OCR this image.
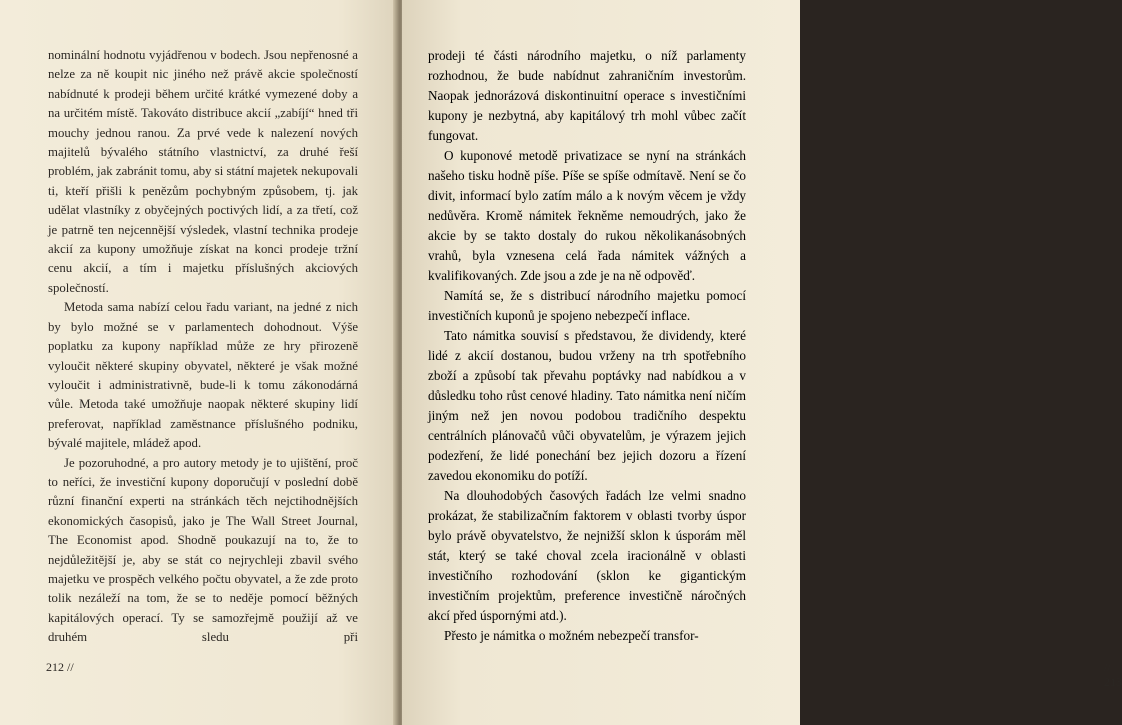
nominální hodnotu vyjádřenou v bodech. Jsou nepřenosné a nelze za ně koupit nic jiného než právě akcie společností nabídnuté k prodeji během určité krátké vymezené doby a na určitém místě. Takováto distribuce akcií „zabíjí“ hned tři mouchy jednou ranou. Za prvé vede k nalezení nových majitelů bývalého státního vlastnictví, za druhé řeší problém, jak zabránit tomu, aby si státní majetek nekupovali ti, kteří přišli k penězům pochybným způsobem, tj. jak udělat vlastníky z obyčejných poctivých lidí, a za třetí, což je patrně ten nejcennější výsledek, vlastní technika prodeje akcií za kupony umožňuje získat na konci prodeje tržní cenu akcií, a tím i majetku příslušných akciových společností.

Metoda sama nabízí celou řadu variant, na jedné z nich by bylo možné se v parlamentech dohodnout. Výše poplatku za kupony například může ze hry přirozeně vyloučit některé skupiny obyvatel, některé je však možné vyloučit i administrativně, bude-li k tomu zákonodárná vůle. Metoda také umožňuje naopak některé skupiny lidí preferovat, například zaměstnance příslušného podniku, bývalé majitele, mládež apod.

Je pozoruhodné, a pro autory metody je to ujištění, proč to neříci, že investiční kupony doporučují v poslední době různí finanční experti na stránkách těch nejctihodnějších ekonomických časopisů, jako je The Wall Street Journal, The Economist apod. Shodně poukazují na to, že to nejdůležitější je, aby se stát co nejrychleji zbavil svého majetku ve prospěch velkého počtu obyvatel, a že zde proto tolik nezáleží na tom, že se to neděje pomocí běžných kapitálových operací. Ty se samozřejmě použijí až ve druhém sledu při

212 //	// 213

prodeji té části národního majetku, o níž parlamenty rozhodnou, že bude nabídnut zahraničním investorům. Naopak jednorázová diskontinuitní operace s investičními kupony je nezbytná, aby kapitálový trh mohl vůbec začít fungovat.

O kuponové metodě privatizace se nyní na stránkách našeho tisku hodně píše. Píše se spíše odmítavě. Není se čo divit, informací bylo zatím málo a k novým věcem je vždy nedůvěra. Kromě námitek řekněme nemoudrých, jako že akcie by se takto dostaly do rukou několikanásobných vrahů, byla vznesena celá řada námitek vážných a kvalifikovaných. Zde jsou a zde je na ně odpověď.

Namítá se, že s distribucí národního majetku pomocí investičních kuponů je spojeno nebezpečí inflace.

Tato námitka souvisí s představou, že dividendy, které lidé z akcií dostanou, budou vrženy na trh spotřebního zboží a způsobí tak převahu poptávky nad nabídkou a v důsledku toho růst cenové hladiny. Tato námitka není ničím jiným než jen novou podobou tradičního despektu centrálních plánovačů vůči obyvatelům, je výrazem jejich podezření, že lidé ponechání bez jejich dozoru a řízení zavedou ekonomiku do potíží.

Na dlouhodobých časových řadách lze velmi snadno prokázat, že stabilizačním faktorem v oblasti tvorby úspor bylo právě obyvatelstvo, že nejnižší sklon k úsporám měl stát, který se také choval zcela iracionálně v oblasti investičního rozhodování (sklon ke gigantickým investičním projektům, preference investičně náročných akcí před úspornými atd.).

Přesto je námitka o možném nebezpečí transfor-
